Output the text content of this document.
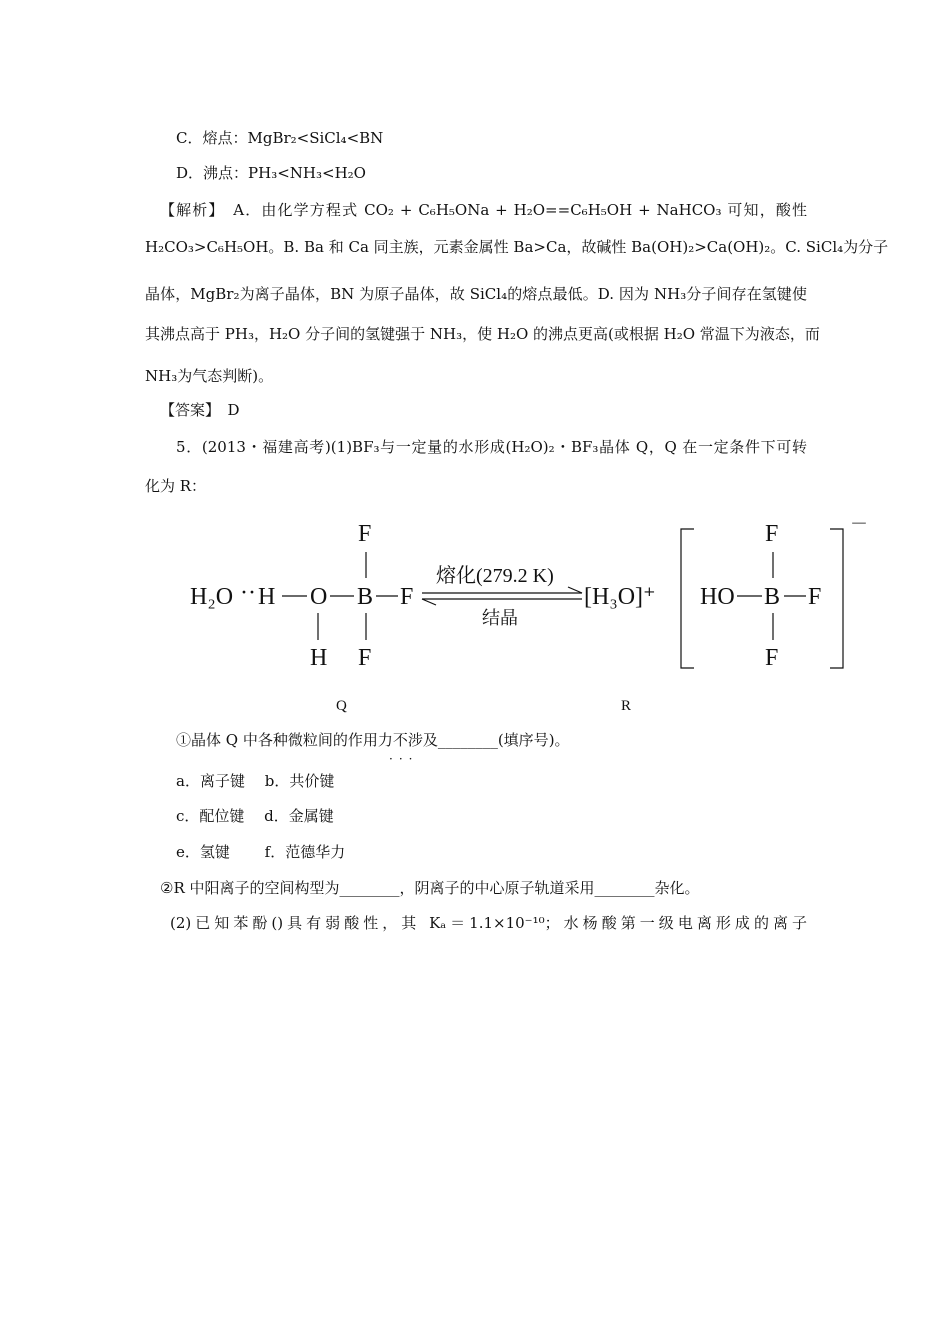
C．熔点：MgBr₂<SiCl₄<BN
D．沸点：PH₃<NH₃<H₂O
【解析】　A．由化学方程式 CO₂ + C₆H₅ONa + H₂O==C₆H₅OH + NaHCO₃ 可知，酸性
H₂CO₃>C₆H₅OH。B. Ba 和 Ca 同主族，元素金属性 Ba>Ca，故碱性 Ba(OH)₂>Ca(OH)₂。C. SiCl₄为分子
晶体，MgBr₂为离子晶体，BN 为原子晶体，故 SiCl₄的熔点最低。D. 因为 NH₃分子间存在氢键使
其沸点高于 PH₃，H₂O 分子间的氢键强于 NH₃，使 H₂O 的沸点更高(或根据 H₂O 常温下为液态，而
NH₃为气态判断)。
【答案】　D
5．(2013・福建高考)(1)BF₃与一定量的水形成(H₂O)₂・BF₃晶体 Q，Q 在一定条件下可转
化为 R：
H₂O ·· H O B F
F
F
H
熔化(279.2 K)
结晶
[H₃O]⁺ HO B F
F
F
－
Q	R
①晶体 Q 中各种微粒间的作用力不涉及________(填序号)。
···
a．离子键　 b．共价键
c．配位键　 d．金属键
e．氢键　　 f．范德华力
②R 中阳离子的空间构型为________，阴离子的中心原子轨道采用________杂化。
(2)已知苯酚()具有弱酸性，其 Kₐ＝1.1×10⁻¹⁰；水杨酸第一级电离形成的离子
